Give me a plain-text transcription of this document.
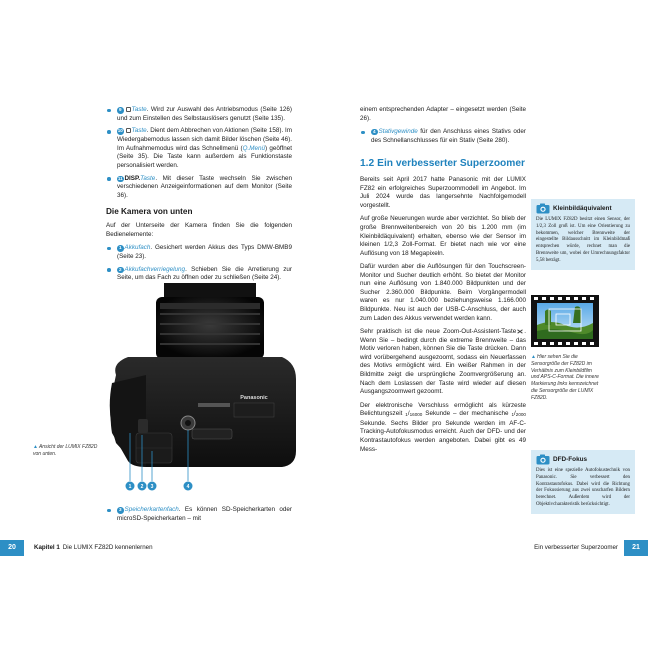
9 Taste. Wird zur Auswahl des Antriebsmodus (Seite 126) und zum Einstellen des Selbstauslösers genutzt (Seite 135).
10 Taste. Dient dem Abbrechen von Aktionen (Seite 158). Im Wiedergabemodus lassen sich damit Bilder löschen (Seite 46). Im Aufnahmemodus wird das Schnellmenü (Q.Menü) geöffnet (Seite 35). Die Taste kann außerdem als Funktionstaste personalisiert werden.
11 DISP.Taste. Mit dieser Taste wechseln Sie zwischen verschiedenen Anzeigeinformationen auf dem Monitor (Seite 36).
Die Kamera von unten

Auf der Unterseite der Kamera finden Sie die folgenden Bedienelemente:

1 Akkufach. Gesichert werden Akkus des Typs DMW-BMB9 (Seite 23).
2 Akkufachverriegelung. Schieben Sie die Arretierung zur Seite, um das Fach zu öffnen oder zu schließen (Seite 24).
Panasonic
1 2 3	4
▲Ansicht der LUMIX FZ82D von unten.
3 Speicherkartenfach. Es können SD-Speicherkarten oder microSD-Speicherkarten – mit
20	Kapitel 1 Die LUMIX FZ82D kennenlernen

einem entsprechenden Adapter – eingesetzt werden (Seite 26).

4 Stativgewinde für den Anschluss eines Stativs oder des Schnellanschlusses für ein Stativ (Seite 280).
1.2 Ein verbesserter Superzoomer

Bereits seit April 2017 hatte Panasonic mit der LUMIX FZ82 ein erfolgreiches Superzoommodell im Angebot. Im Juli 2024 wurde das langersehnte Nachfolgemodell vorgestellt.

Auf große Neuerungen wurde aber verzichtet. So blieb der große Brennweitenbereich von 20 bis 1.200 mm (im Kleinbildäquivalent) erhalten, ebenso wie der Sensor im kleinen 1/2,3 Zoll-Format. Er bietet nach wie vor eine Auflösung von 18 Megapixeln.

Dafür wurden aber die Auflösungen für den Touchscreen-Monitor und Sucher deutlich erhöht. So bietet der Monitor nun eine Auflösung von 1.840.000 Bildpunkten und der Sucher 2.360.000 Bildpunkte. Beim Vorgängermodell waren es nur 1.040.000 beziehungsweise 1.166.000 Bildpunkte. Neu ist auch der USB-C-Anschluss, der auch zum Laden des Akkus verwendet werden kann.

Sehr praktisch ist die neue Zoom-Out-Assistent-Taste . Wenn Sie – bedingt durch die extreme Brennweite – das Motiv verloren haben, können Sie die Taste drücken. Dann wird vorübergehend ausgezoomt, sodass ein Neuerfassen des Motivs ermöglicht wird. Ein weißer Rahmen in der Bildmitte zeigt die ursprüngliche Zoomvergrößerung an. Nach dem Loslassen der Taste wird wieder auf diesen Ausgangszoomwert gezoomt.

Der elektronische Verschluss ermöglicht als kürzeste Belichtungszeit $^1/_{16000}$ Sekunde – der mechanische $^1/_{2000}$ Sekunde. Sechs Bilder pro Sekunde werden im AF-C-Tracking-Autofokusmodus erreicht. Auch der DFD- und der Kontrastautofokus werden angeboten. Dabei gibt es 49 Mess-

Ein verbesserter Superzoomer	21
Kleinbildäquivalent

Die LUMIX FZ82D besitzt einen Sensor, der 1/2,3 Zoll groß ist. Um eine Orientierung zu bekommen, welcher Brennweite der eingestellte Bildausschnitt im Kleinbildmaß entsprechen würde, rechnet man die Brennweite um, wobei der Umrechnungsfaktor 5,58 beträgt.

▲Hier sehen Sie die Sensorgröße der FZ82D im Verhältnis zum Kleinbildfilm und APS-C-Format. Die innere Markierung links kennzeichnet die Sensorgröße der LUMIX FZ82D.
DFD-Fokus

Dies ist eine spezielle Autofokustechnik von Panasonic. Sie verbessert den Kontrastautofokus. Dabei wird die Richtung der Fokussierung aus zwei unscharfen Bildern berechnet. Außerdem wird der Objektivcharakteristik berücksichtigt.
